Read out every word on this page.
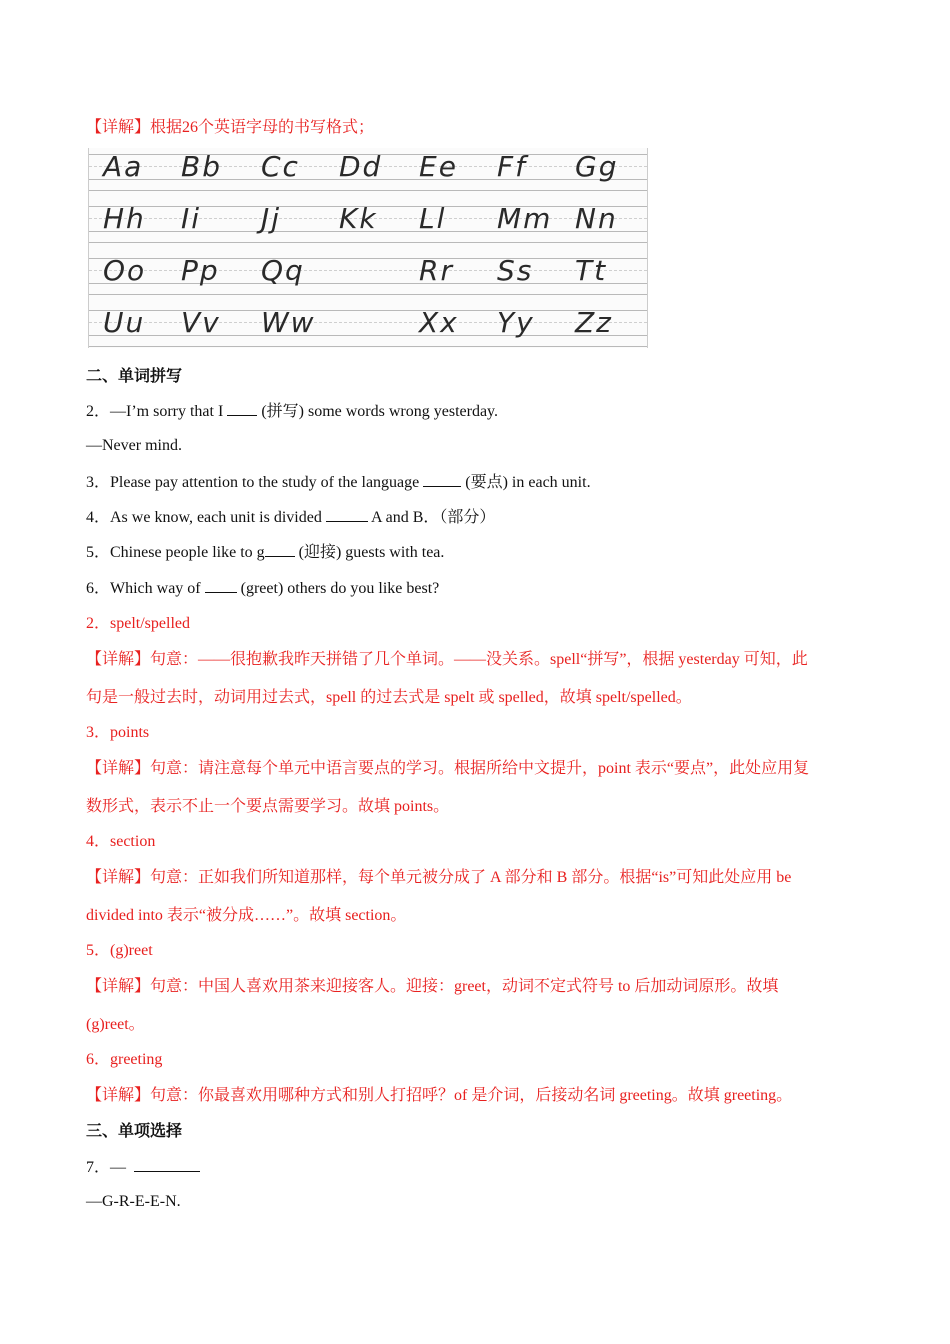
【详解】根据26个英语字母的书写格式；
Aa Bb Cc Dd Ee Ff Gg
Hh Ii Jj Kk Ll Mm Nn
Oo Pp Qq	Rr Ss Tt
Uu Vv Ww	Xx Yy Zz
二、单词拼写
2．—I’m sorry that I (拼写) some words wrong yesterday.
—Never mind.
3．Please pay attention to the study of the language	(要点) in each unit.
4．As we know, each unit is divided	A and B．（部分）
5．Chinese people like to g (迎接) guests with tea.
6．Which way of	(greet) others do you like best?
2．spelt/spelled
【详解】句意：——很抱歉我昨天拼错了几个单词。——没关系。spell“拼写”，根据 yesterday 可知，此
句是一般过去时，动词用过去式，spell 的过去式是 spelt 或 spelled，故填 spelt/spelled。
3．points
【详解】句意：请注意每个单元中语言要点的学习。根据所给中文提升，point 表示“要点”，此处应用复
数形式，表示不止一个要点需要学习。故填 points。
4．section
【详解】句意：正如我们所知道那样，每个单元被分成了 A 部分和 B 部分。根据“is”可知此处应用 be
divided into 表示“被分成……”。故填 section。
5．(g)reet
【详解】句意：中国人喜欢用茶来迎接客人。迎接：greet，动词不定式符号 to 后加动词原形。故填
(g)reet。
6．greeting
【详解】句意：你最喜欢用哪种方式和别人打招呼？of 是介词，后接动名词 greeting。故填 greeting。
三、单项选择
7．—
—G-R-E-E-N.
